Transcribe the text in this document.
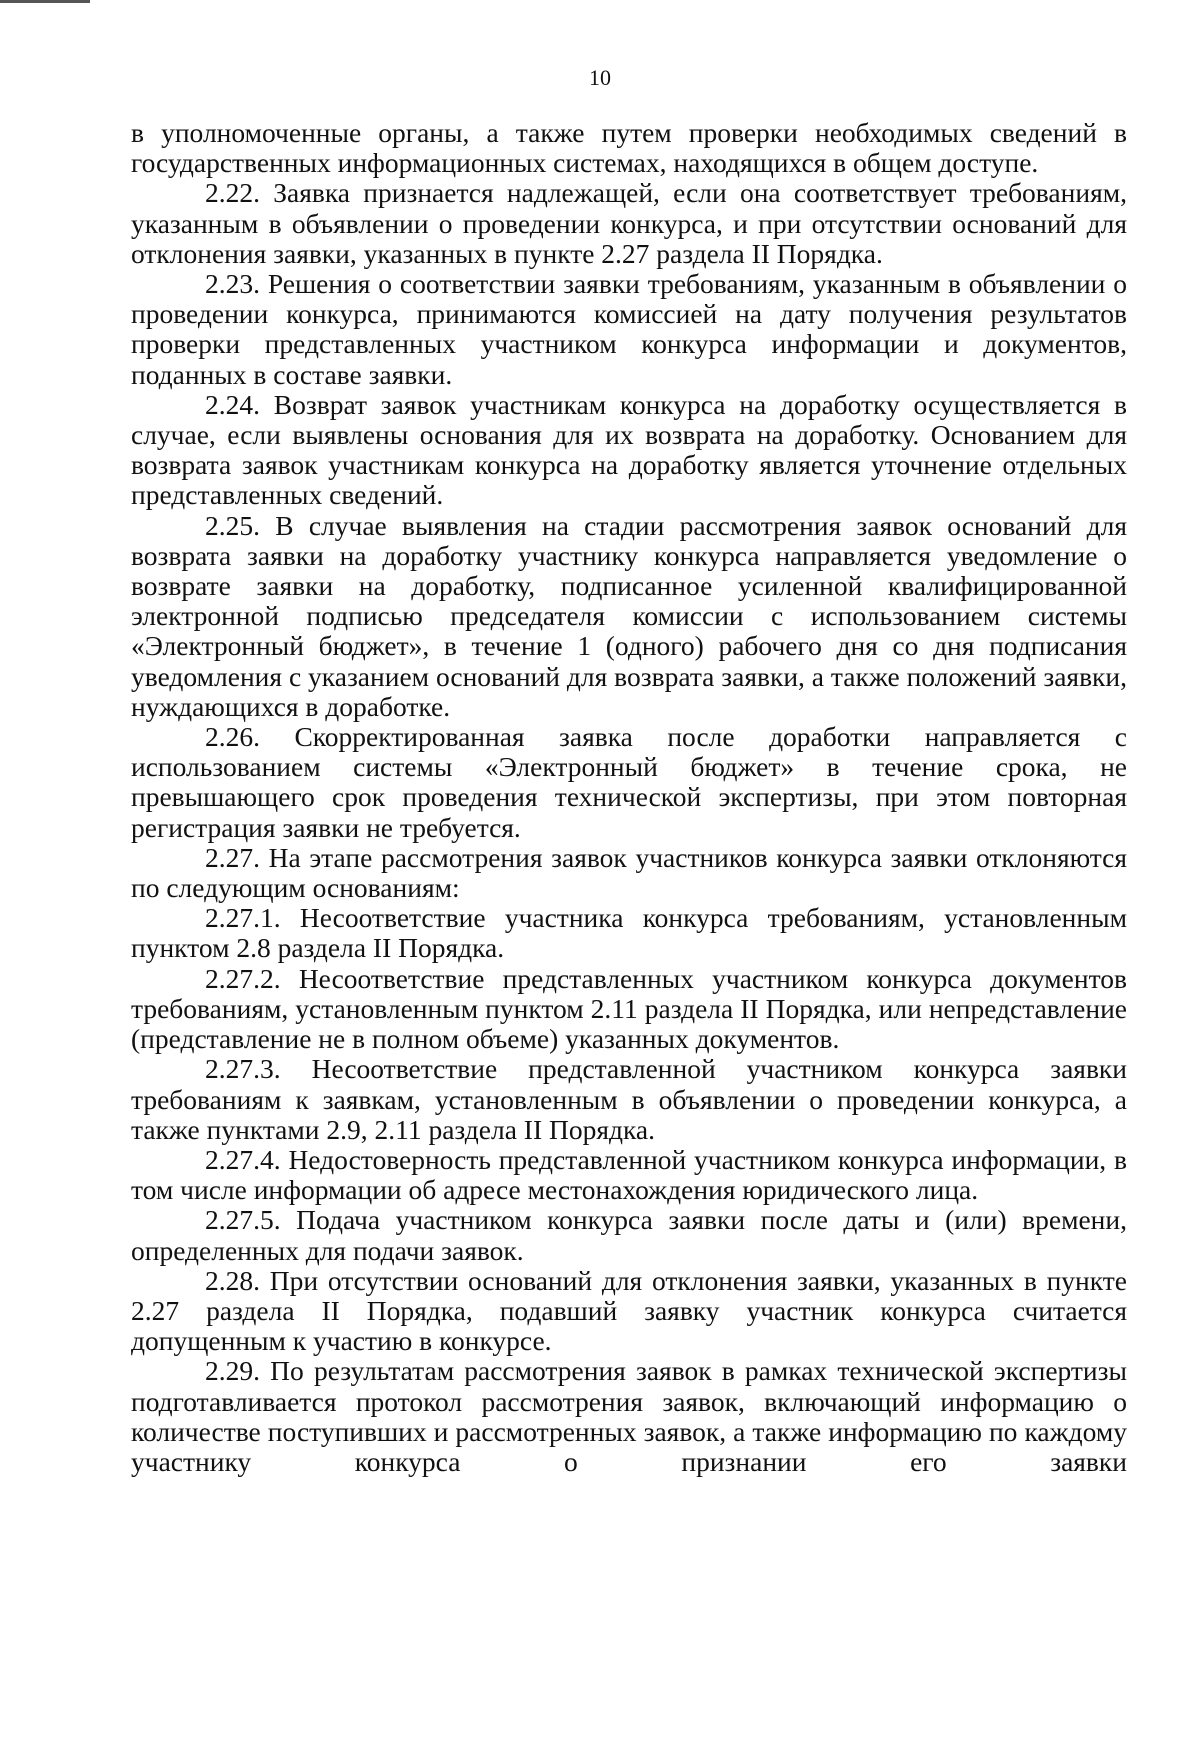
10

в уполномоченные органы, а также путем проверки необходимых сведений в государственных информационных системах, находящихся в общем доступе.

2.22. Заявка признается надлежащей, если она соответствует требованиям, указанным в объявлении о проведении конкурса, и при отсутствии оснований для отклонения заявки, указанных в пункте 2.27 раздела II Порядка.

2.23. Решения о соответствии заявки требованиям, указанным в объявлении о проведении конкурса, принимаются комиссией на дату получения результатов проверки представленных участником конкурса информации и документов, поданных в составе заявки.

2.24. Возврат заявок участникам конкурса на доработку осуществляется в случае, если выявлены основания для их возврата на доработку. Основанием для возврата заявок участникам конкурса на доработку является уточнение отдельных представленных сведений.

2.25. В случае выявления на стадии рассмотрения заявок оснований для возврата заявки на доработку участнику конкурса направляется уведомление о возврате заявки на доработку, подписанное усиленной квалифицированной электронной подписью председателя комиссии с использованием системы «Электронный бюджет», в течение 1 (одного) рабочего дня со дня подписания уведомления с указанием оснований для возврата заявки, а также положений заявки, нуждающихся в доработке.

2.26. Скорректированная заявка после доработки направляется с использованием системы «Электронный бюджет» в течение срока, не превышающего срок проведения технической экспертизы, при этом повторная регистрация заявки не требуется.

2.27. На этапе рассмотрения заявок участников конкурса заявки отклоняются по следующим основаниям:

2.27.1. Несоответствие участника конкурса требованиям, установленным пунктом 2.8 раздела II Порядка.

2.27.2. Несоответствие представленных участником конкурса документов требованиям, установленным пунктом 2.11 раздела II Порядка, или непредставление (представление не в полном объеме) указанных документов.

2.27.3. Несоответствие представленной участником конкурса заявки требованиям к заявкам, установленным в объявлении о проведении конкурса, а также пунктами 2.9, 2.11 раздела II Порядка.

2.27.4. Недостоверность представленной участником конкурса информации, в том числе информации об адресе местонахождения юридического лица.

2.27.5. Подача участником конкурса заявки после даты и (или) времени, определенных для подачи заявок.

2.28. При отсутствии оснований для отклонения заявки, указанных в пункте 2.27 раздела II Порядка, подавший заявку участник конкурса считается допущенным к участию в конкурсе.

2.29. По результатам рассмотрения заявок в рамках технической экспертизы подготавливается протокол рассмотрения заявок, включающий информацию о количестве поступивших и рассмотренных заявок, а также информацию по каждому участнику конкурса о признании его заявки
